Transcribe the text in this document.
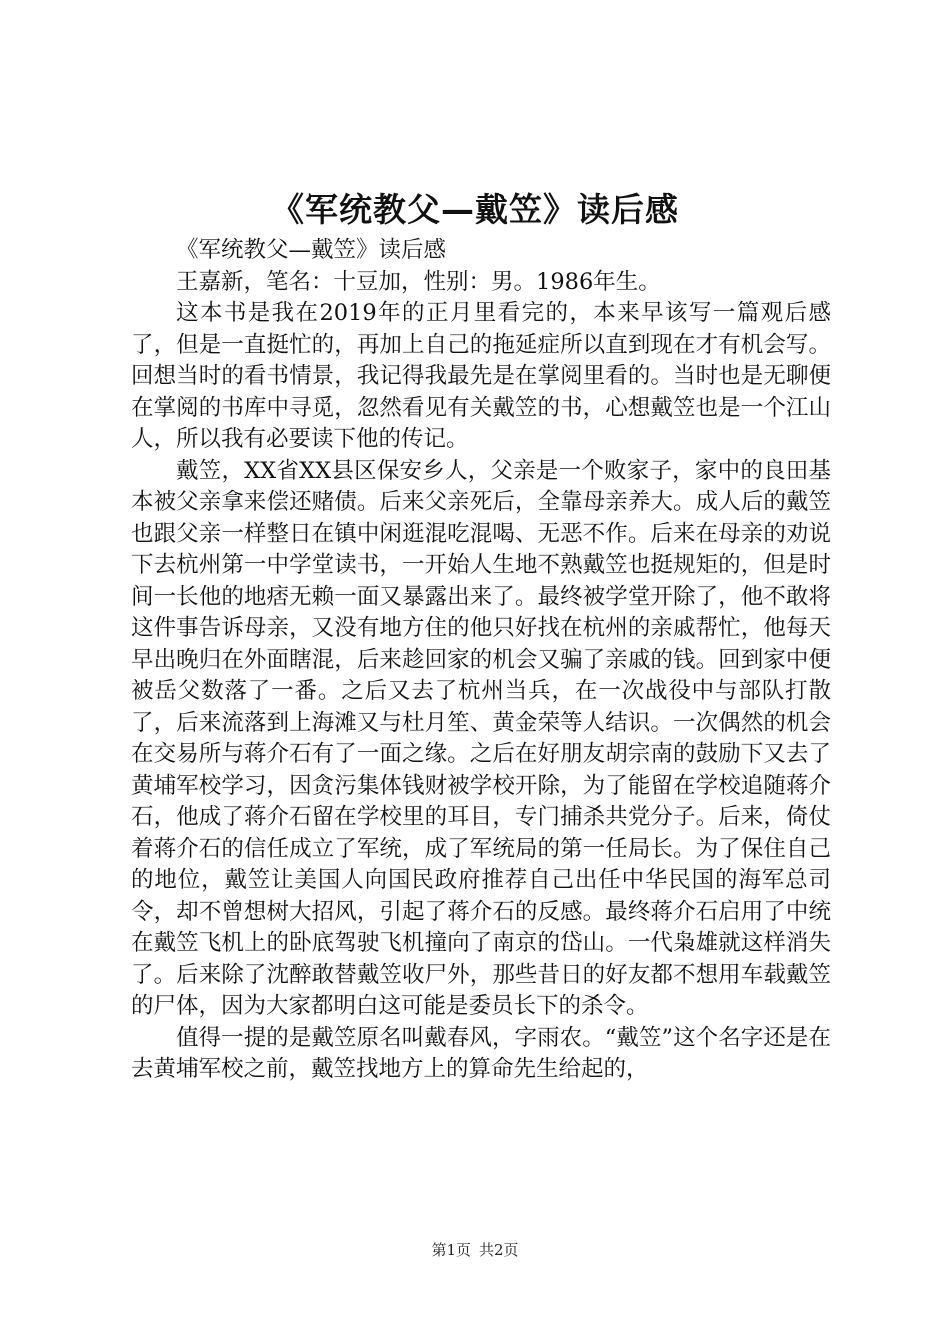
《军统教父—戴笠》读后感

《军统教父—戴笠》读后感

王嘉新，笔名：十豆加，性别：男。1986年生。

这本书是我在2019年的正月里看完的，本来早该写一篇观后感了，但是一直挺忙的，再加上自己的拖延症所以直到现在才有机会写。回想当时的看书情景，我记得我最先是在掌阅里看的。当时也是无聊便在掌阅的书库中寻觅，忽然看见有关戴笠的书，心想戴笠也是一个江山人，所以我有必要读下他的传记。

戴笠，XX省XX县区保安乡人，父亲是一个败家子，家中的良田基本被父亲拿来偿还赌债。后来父亲死后，全靠母亲养大。成人后的戴笠也跟父亲一样整日在镇中闲逛混吃混喝、无恶不作。后来在母亲的劝说下去杭州第一中学堂读书，一开始人生地不熟戴笠也挺规矩的，但是时间一长他的地痞无赖一面又暴露出来了。最终被学堂开除了，他不敢将这件事告诉母亲，又没有地方住的他只好找在杭州的亲戚帮忙，他每天早出晚归在外面瞎混，后来趁回家的机会又骗了亲戚的钱。回到家中便被岳父数落了一番。之后又去了杭州当兵，在一次战役中与部队打散了，后来流落到上海滩又与杜月笙、黄金荣等人结识。一次偶然的机会在交易所与蒋介石有了一面之缘。之后在好朋友胡宗南的鼓励下又去了黄埔军校学习，因贪污集体钱财被学校开除，为了能留在学校追随蒋介石，他成了蒋介石留在学校里的耳目，专门捕杀共党分子。后来，倚仗着蒋介石的信任成立了军统，成了军统局的第一任局长。为了保住自己的地位，戴笠让美国人向国民政府推荐自己出任中华民国的海军总司令，却不曾想树大招风，引起了蒋介石的反感。最终蒋介石启用了中统在戴笠飞机上的卧底驾驶飞机撞向了南京的岱山。一代枭雄就这样消失了。后来除了沈醉敢替戴笠收尸外，那些昔日的好友都不想用车载戴笠的尸体，因为大家都明白这可能是委员长下的杀令。

值得一提的是戴笠原名叫戴春风，字雨农。“戴笠”这个名字还是在去黄埔军校之前，戴笠找地方上的算命先生给起的，

第1页 共2页
